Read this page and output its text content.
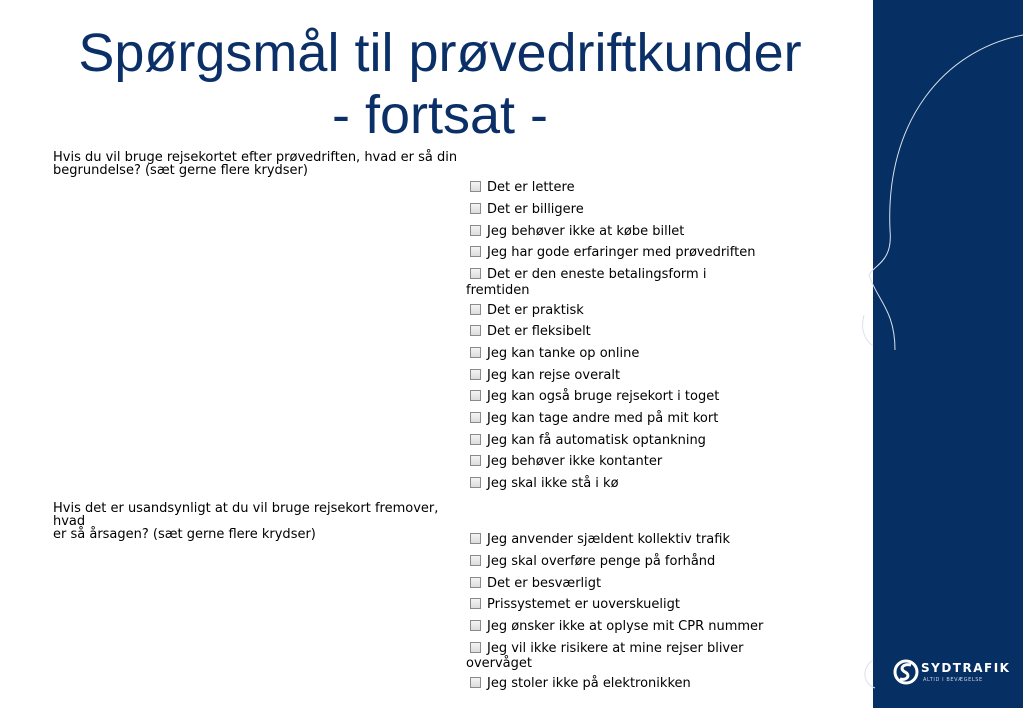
Spørgsmål til prøvedriftkunder
- fortsat -
Hvis du vil bruge rejsekortet efter prøvedriften, hvad er så din
begrundelse? (sæt gerne flere krydser)
Det er lettere
Det er billigere
Jeg behøver ikke at købe billet
Jeg har gode erfaringer med prøvedriften
Det er den eneste betalingsform i
fremtiden
Det er praktisk
Det er fleksibelt
Jeg kan tanke op online
Jeg kan rejse overalt
Jeg kan også bruge rejsekort i toget
Jeg kan tage andre med på mit kort
Jeg kan få automatisk optankning
Jeg behøver ikke kontanter
Jeg skal ikke stå i kø
Hvis det er usandsynligt at du vil bruge rejsekort fremover, hvad
er så årsagen? (sæt gerne flere krydser)	Jeg anvender sjældent kollektiv trafik
Jeg skal overføre penge på forhånd
Det er besværligt
Prissystemet er uoverskueligt
Jeg ønsker ikke at oplyse mit CPR nummer
Jeg vil ikke risikere at mine rejser bliver
overvåget
Jeg stoler ikke på elektronikken
SYDTRAFIK
ALTID I BEVÆGELSE
